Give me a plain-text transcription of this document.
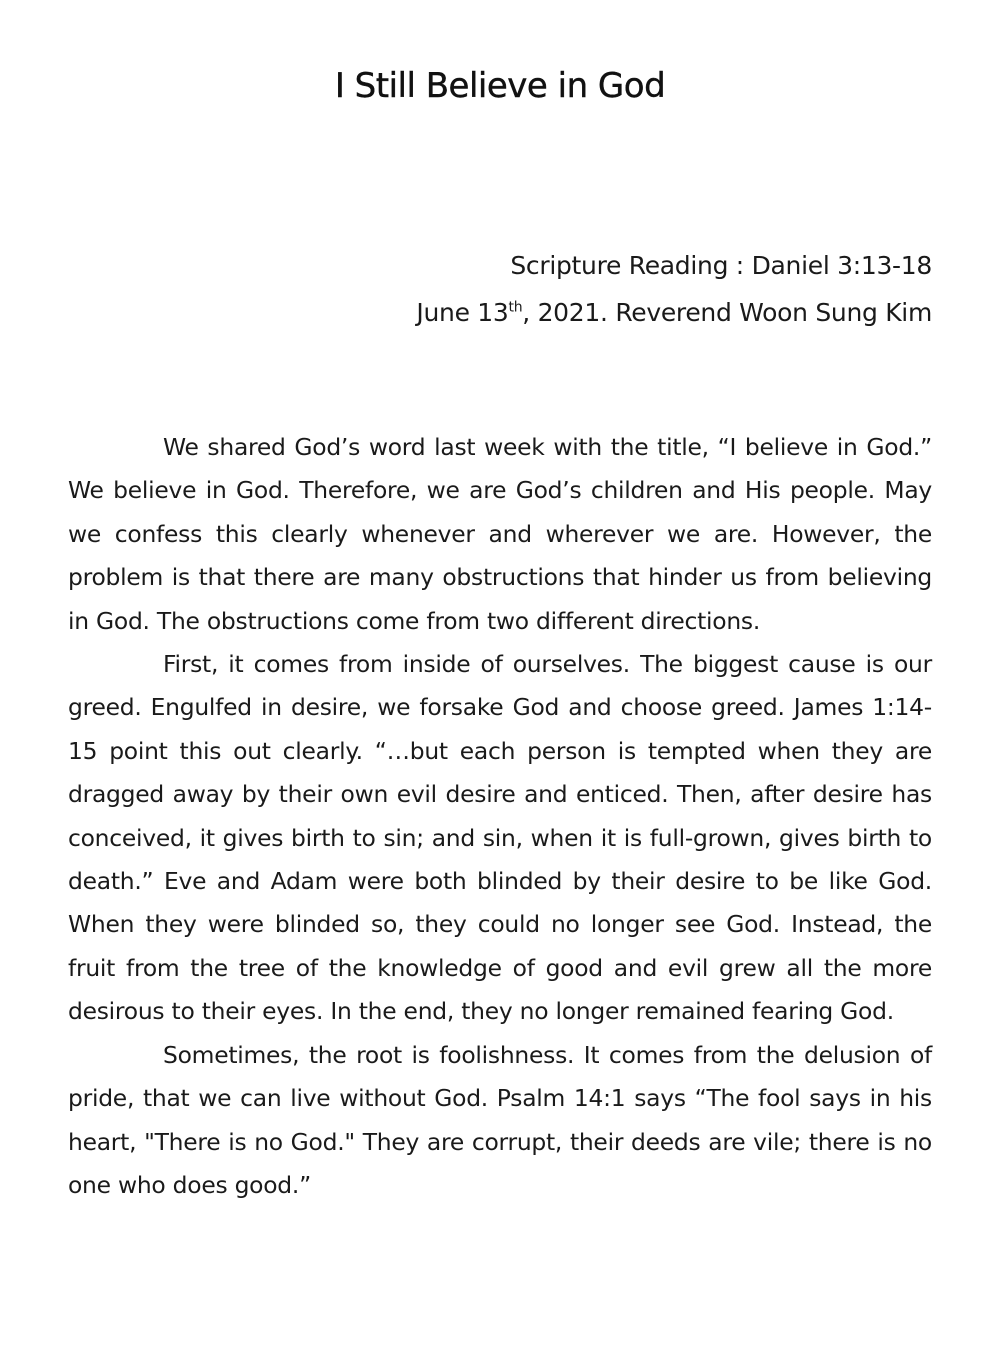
I Still Believe in God
Scripture Reading : Daniel 3:13-18
June 13th, 2021. Reverend Woon Sung Kim

We shared God’s word last week with the title, “I believe in God.” We believe in God. Therefore, we are God’s children and His people. May we confess this clearly whenever and wherever we are. However, the problem is that there are many obstructions that hinder us from believing in God. The obstructions come from two different directions.

First, it comes from inside of ourselves. The biggest cause is our greed. Engulfed in desire, we forsake God and choose greed. James 1:14-15 point this out clearly. “…but each person is tempted when they are dragged away by their own evil desire and enticed. Then, after desire has conceived, it gives birth to sin; and sin, when it is full-grown, gives birth to death.” Eve and Adam were both blinded by their desire to be like God. When they were blinded so, they could no longer see God. Instead, the fruit from the tree of the knowledge of good and evil grew all the more desirous to their eyes. In the end, they no longer remained fearing God.

Sometimes, the root is foolishness. It comes from the delusion of pride, that we can live without God. Psalm 14:1 says “The fool says in his heart, "There is no God." They are corrupt, their deeds are vile; there is no one who does good.”
